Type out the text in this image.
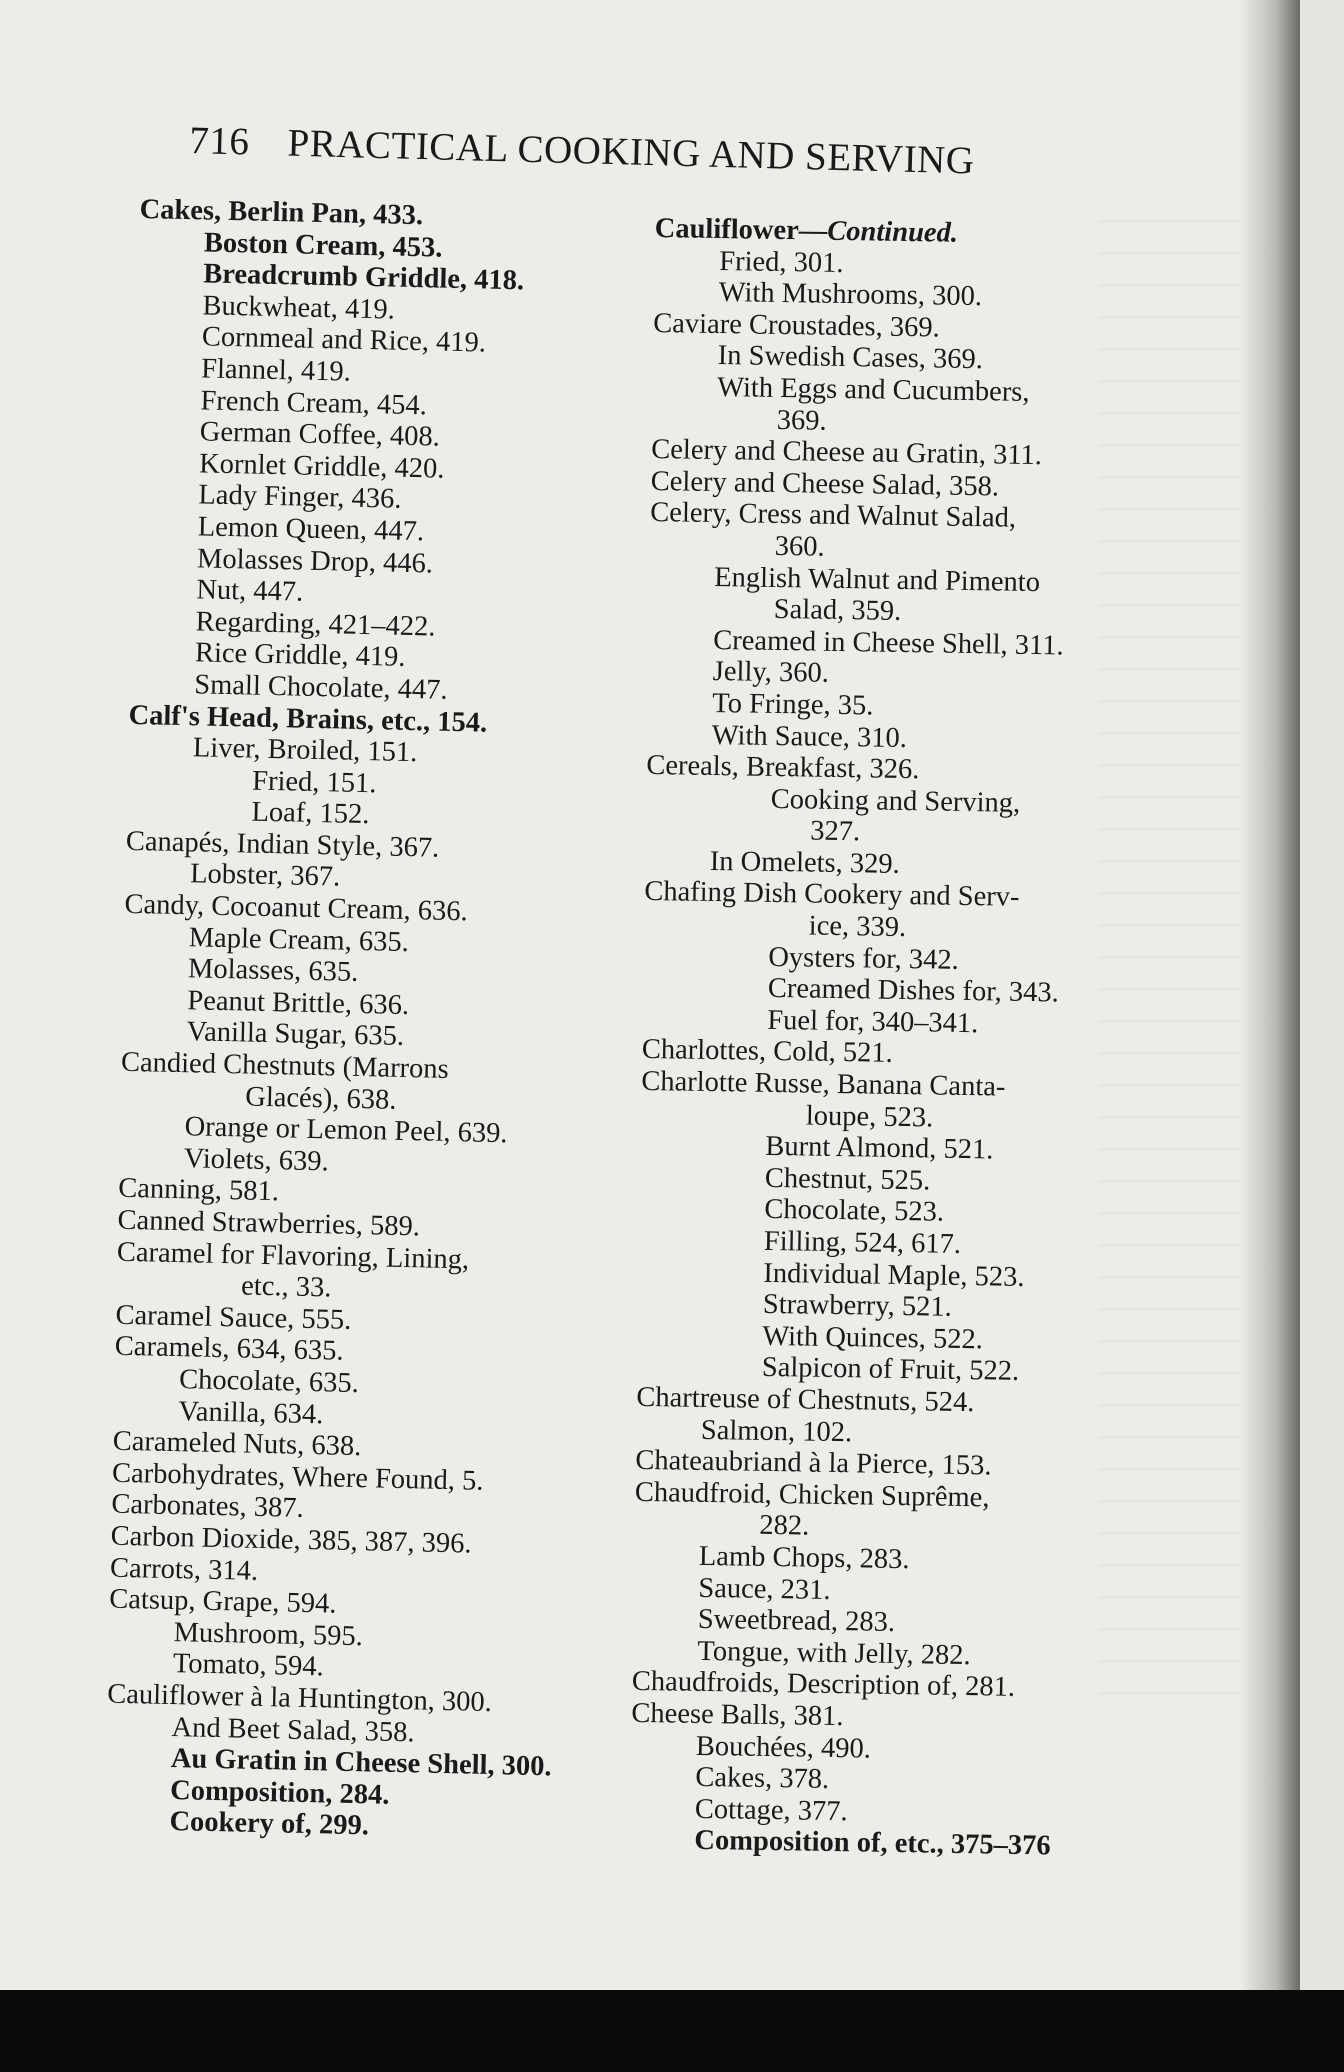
716 PRACTICAL COOKING AND SERVING
Cakes, Berlin Pan, 433.
Boston Cream, 453.
Breadcrumb Griddle, 418.
Buckwheat, 419.
Cornmeal and Rice, 419.
Flannel, 419.
French Cream, 454.
German Coffee, 408.
Kornlet Griddle, 420.
Lady Finger, 436.
Lemon Queen, 447.
Molasses Drop, 446.
Nut, 447.
Regarding, 421–422.
Rice Griddle, 419.
Small Chocolate, 447.
Calf's Head, Brains, etc., 154.
Liver, Broiled, 151.
Fried, 151.
Loaf, 152.
Canapés, Indian Style, 367.
Lobster, 367.
Candy, Cocoanut Cream, 636.
Maple Cream, 635.
Molasses, 635.
Peanut Brittle, 636.
Vanilla Sugar, 635.
Candied Chestnuts (Marrons
Glacés), 638.
Orange or Lemon Peel, 639.
Violets, 639.
Canning, 581.
Canned Strawberries, 589.
Caramel for Flavoring, Lining,
etc., 33.
Caramel Sauce, 555.
Caramels, 634, 635.
Chocolate, 635.
Vanilla, 634.
Carameled Nuts, 638.
Carbohydrates, Where Found, 5.
Carbonates, 387.
Carbon Dioxide, 385, 387, 396.
Carrots, 314.
Catsup, Grape, 594.
Mushroom, 595.
Tomato, 594.
Cauliflower à la Huntington, 300.
And Beet Salad, 358.
Au Gratin in Cheese Shell, 300.
Composition, 284.
Cookery of, 299.
Cauliflower—Continued.
Fried, 301.
With Mushrooms, 300.
Caviare Croustades, 369.
In Swedish Cases, 369.
With Eggs and Cucumbers,
369.
Celery and Cheese au Gratin, 311.
Celery and Cheese Salad, 358.
Celery, Cress and Walnut Salad,
360.
English Walnut and Pimento
Salad, 359.
Creamed in Cheese Shell, 311.
Jelly, 360.
To Fringe, 35.
With Sauce, 310.
Cereals, Breakfast, 326.
Cooking and Serving,
327.
In Omelets, 329.
Chafing Dish Cookery and Serv-
ice, 339.
Oysters for, 342.
Creamed Dishes for, 343.
Fuel for, 340–341.
Charlottes, Cold, 521.
Charlotte Russe, Banana Canta-
loupe, 523.
Burnt Almond, 521.
Chestnut, 525.
Chocolate, 523.
Filling, 524, 617.
Individual Maple, 523.
Strawberry, 521.
With Quinces, 522.
Salpicon of Fruit, 522.
Chartreuse of Chestnuts, 524.
Salmon, 102.
Chateaubriand à la Pierce, 153.
Chaudfroid, Chicken Suprême,
282.
Lamb Chops, 283.
Sauce, 231.
Sweetbread, 283.
Tongue, with Jelly, 282.
Chaudfroids, Description of, 281.
Cheese Balls, 381.
Bouchées, 490.
Cakes, 378.
Cottage, 377.
Composition of, etc., 375–376
